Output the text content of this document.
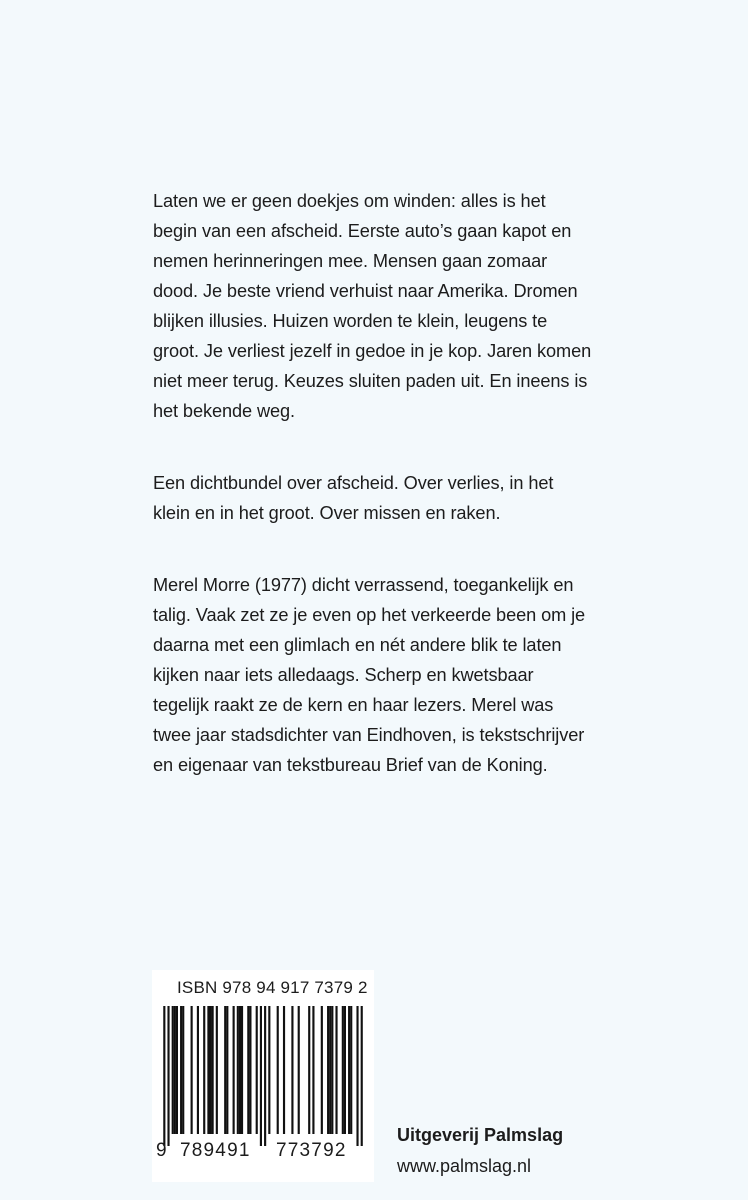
Laten we er geen doekjes om winden: alles is het begin van een afscheid. Eerste auto’s gaan kapot en nemen herinneringen mee. Mensen gaan zomaar dood. Je beste vriend verhuist naar Amerika. Dromen blijken illusies. Huizen worden te klein, leugens te groot. Je verliest jezelf in gedoe in je kop. Jaren komen niet meer terug. Keuzes sluiten paden uit. En ineens is het bekende weg.

Een dichtbundel over afscheid. Over verlies, in het klein en in het groot. Over missen en raken.

Merel Morre (1977) dicht verrassend, toegankelijk en talig. Vaak zet ze je even op het verkeerde been om je daarna met een glimlach en nét andere blik te laten kijken naar iets alledaags. Scherp en kwetsbaar tegelijk raakt ze de kern en haar lezers. Merel was twee jaar stadsdichter van Eindhoven, is tekstschrijver en eigenaar van tekstbureau Brief van de Koning.

ISBN 978 94 917 7379 2
9 789491 773792
Uitgeverij Palmslag
www.palmslag.nl
